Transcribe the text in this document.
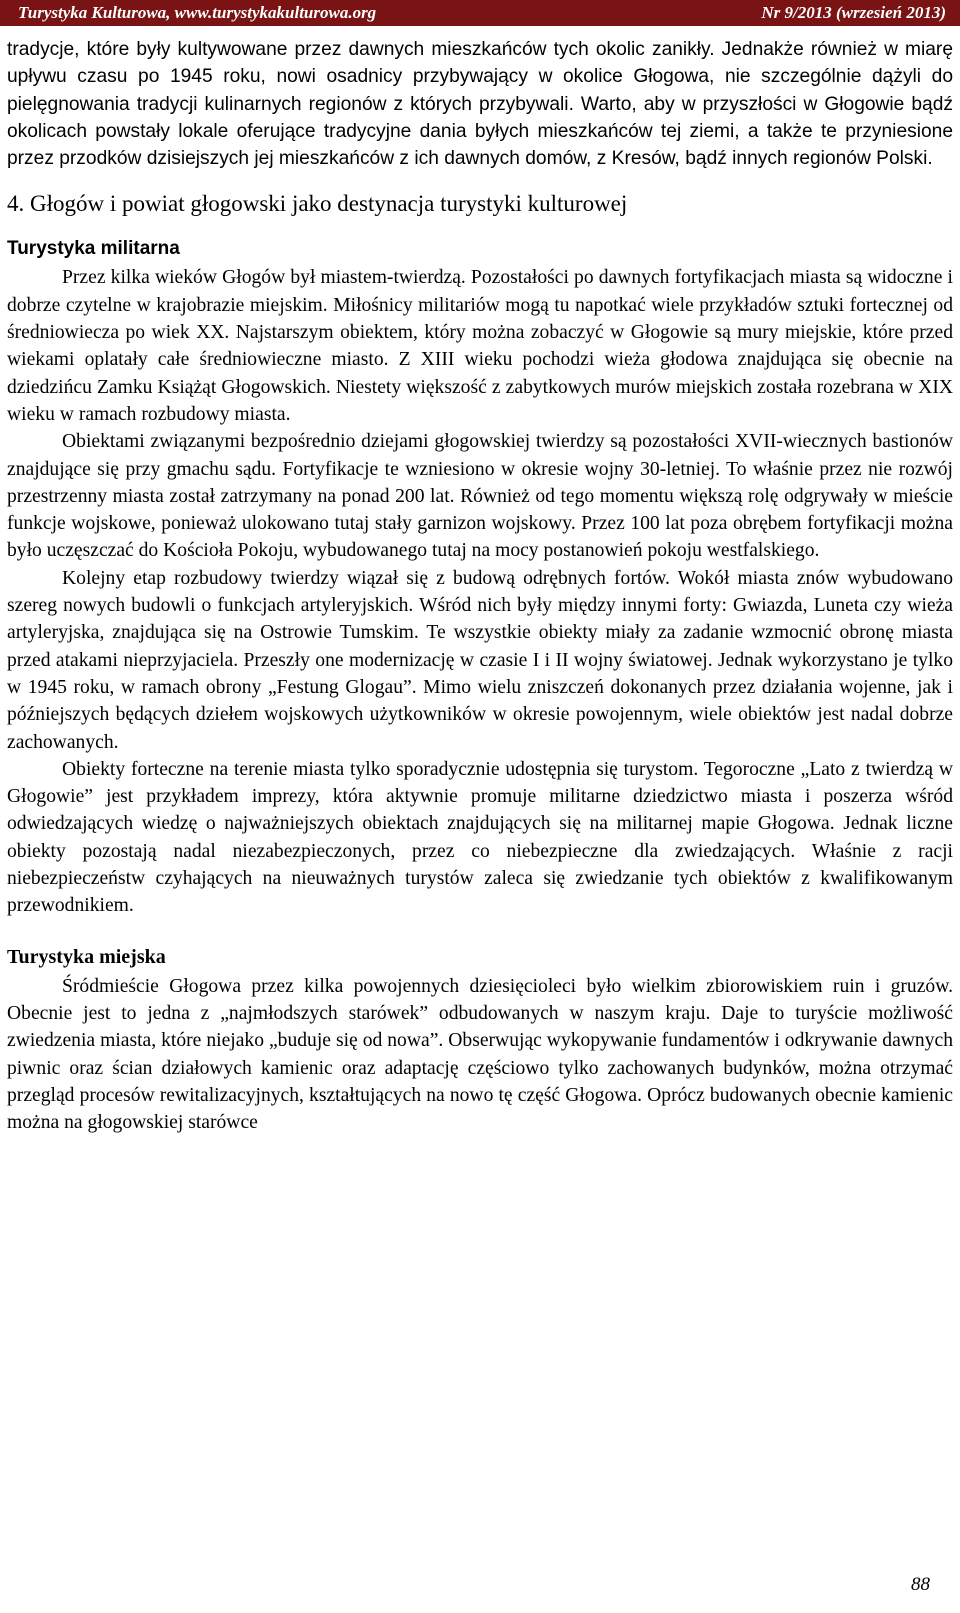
Turystyka Kulturowa, www.turystykakulturowa.org	Nr 9/2013 (wrzesień 2013)

tradycje, które były kultywowane przez dawnych mieszkańców tych okolic zanikły. Jednakże również w miarę upływu czasu po 1945 roku, nowi osadnicy przybywający w okolice Głogowa, nie szczególnie dążyli do pielęgnowania tradycji kulinarnych regionów z których przybywali. Warto, aby w przyszłości w Głogowie bądź okolicach powstały lokale oferujące tradycyjne dania byłych mieszkańców tej ziemi, a także te przyniesione przez przodków dzisiejszych jej mieszkańców z ich dawnych domów, z Kresów, bądź innych regionów Polski.

4. Głogów i powiat głogowski jako destynacja turystyki kulturowej
Turystyka militarna

Przez kilka wieków Głogów był miastem-twierdzą. Pozostałości po dawnych fortyfikacjach miasta są widoczne i dobrze czytelne w krajobrazie miejskim. Miłośnicy militariów mogą tu napotkać wiele przykładów sztuki fortecznej od średniowiecza po wiek XX. Najstarszym obiektem, który można zobaczyć w Głogowie są mury miejskie, które przed wiekami oplatały całe średniowieczne miasto. Z XIII wieku pochodzi wieża głodowa znajdująca się obecnie na dziedzińcu Zamku Książąt Głogowskich. Niestety większość z zabytkowych murów miejskich została rozebrana w XIX wieku w ramach rozbudowy miasta.

Obiektami związanymi bezpośrednio dziejami głogowskiej twierdzy są pozostałości XVII-wiecznych bastionów znajdujące się przy gmachu sądu. Fortyfikacje te wzniesiono w okresie wojny 30-letniej. To właśnie przez nie rozwój przestrzenny miasta został zatrzymany na ponad 200 lat. Również od tego momentu większą rolę odgrywały w mieście funkcje wojskowe, ponieważ ulokowano tutaj stały garnizon wojskowy. Przez 100 lat poza obrębem fortyfikacji można było uczęszczać do Kościoła Pokoju, wybudowanego tutaj na mocy postanowień pokoju westfalskiego.

Kolejny etap rozbudowy twierdzy wiązał się z budową odrębnych fortów. Wokół miasta znów wybudowano szereg nowych budowli o funkcjach artyleryjskich. Wśród nich były między innymi forty: Gwiazda, Luneta czy wieża artyleryjska, znajdująca się na Ostrowie Tumskim. Te wszystkie obiekty miały za zadanie wzmocnić obronę miasta przed atakami nieprzyjaciela. Przeszły one modernizację w czasie I i II wojny światowej. Jednak wykorzystano je tylko w 1945 roku, w ramach obrony „Festung Glogau”. Mimo wielu zniszczeń dokonanych przez działania wojenne, jak i późniejszych będących dziełem wojskowych użytkowników w okresie powojennym, wiele obiektów jest nadal dobrze zachowanych.

Obiekty forteczne na terenie miasta tylko sporadycznie udostępnia się turystom. Tegoroczne „Lato z twierdzą w Głogowie” jest przykładem imprezy, która aktywnie promuje militarne dziedzictwo miasta i poszerza wśród odwiedzających wiedzę o najważniejszych obiektach znajdujących się na militarnej mapie Głogowa. Jednak liczne obiekty pozostają nadal niezabezpieczonych, przez co niebezpieczne dla zwiedzających. Właśnie z racji niebezpieczeństw czyhających na nieuważnych turystów zaleca się zwiedzanie tych obiektów z kwalifikowanym przewodnikiem.

Turystyka miejska

Śródmieście Głogowa przez kilka powojennych dziesięcioleci było wielkim zbiorowiskiem ruin i gruzów. Obecnie jest to jedna z „najmłodszych starówek” odbudowanych w naszym kraju. Daje to turyście możliwość zwiedzenia miasta, które niejako „buduje się od nowa”. Obserwując wykopywanie fundamentów i odkrywanie dawnych piwnic oraz ścian działowych kamienic oraz adaptację częściowo tylko zachowanych budynków, można otrzymać przegląd procesów rewitalizacyjnych, kształtujących na nowo tę część Głogowa. Oprócz budowanych obecnie kamienic można na głogowskiej starówce

88
